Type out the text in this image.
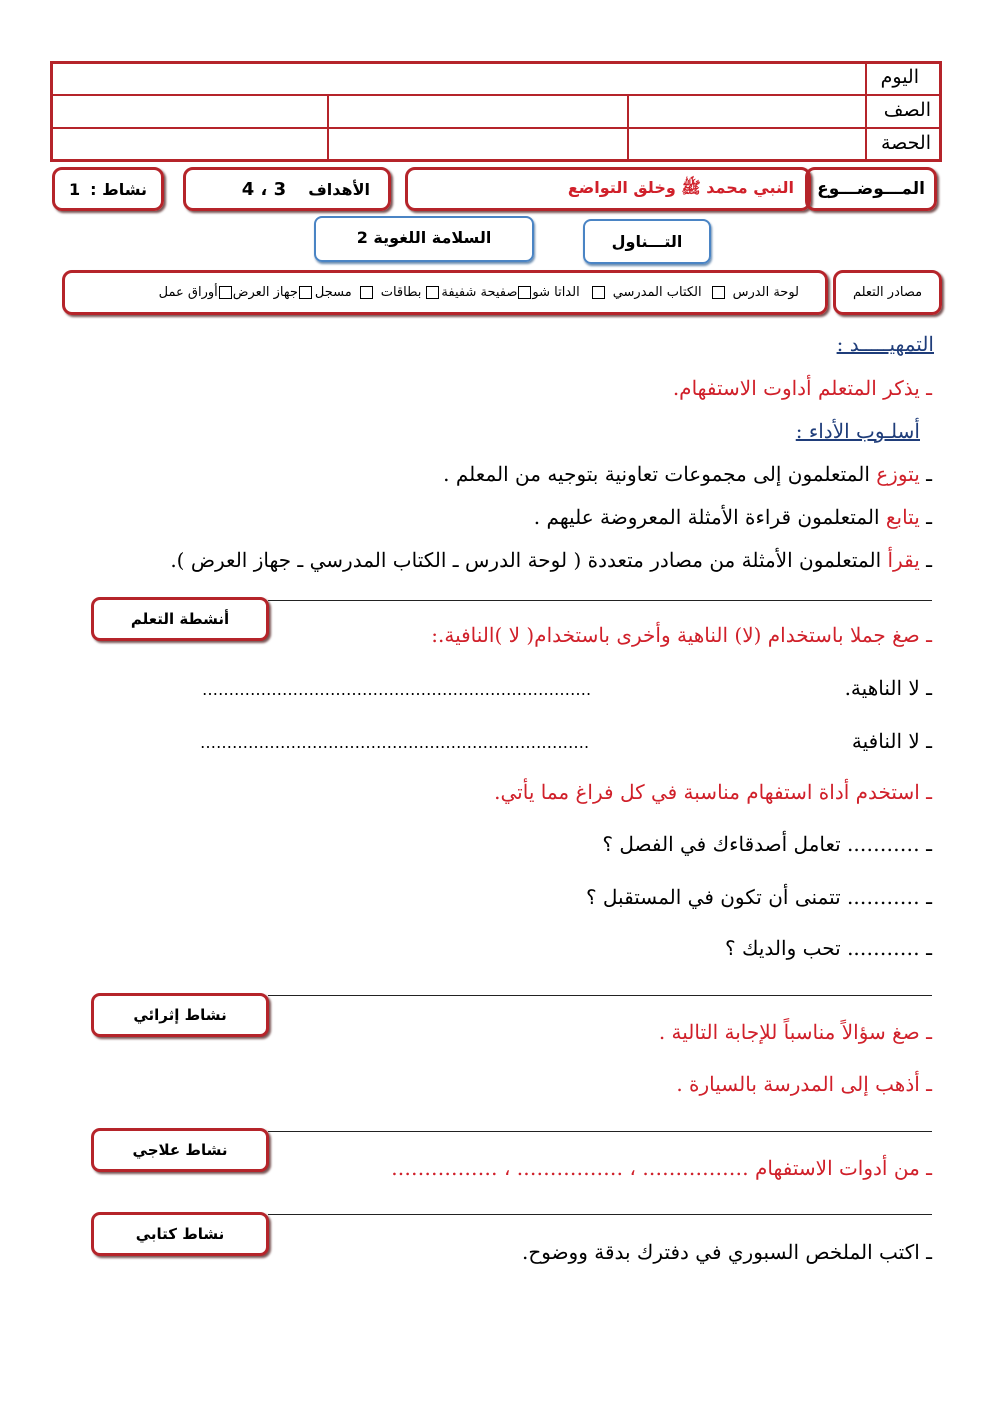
اليوم
الصف
الحصة
نشاط :
1	الأهداف
3 ، 4	النبي محمد ﷺ وخلق التواضع المـــوضـــوع
السلامة اللغوية 2	التـــناول
لوحة الدرس
الكتاب المدرسي
الداتا شو
صفيحة شفيفة
بطاقات
مسجل
جهاز العرض
أوراق عمل	مصادر التعلم
التمهيـــــد :
ـ يذكر المتعلم أداوت الاستفهام.
أسلـوب الأداء :
ـ يتوزع المتعلمون إلى مجموعات تعاونية بتوجيه من المعلم .
ـ يتابع المتعلمون قراءة الأمثلة المعروضة عليهم .
ـ يقرأ المتعلمون الأمثلة من مصادر متعددة ( لوحة الدرس ـ الكتاب المدرسي ـ جهاز العرض ).
أنشطة التعلم
ـ صغ جملا باستخدام (لا) الناهية وأخرى باستخدام( لا )النافية.:
ـ لا الناهية.
……………………………………………………………….
ـ لا النافية
……………………………………………………………….
ـ استخدم أداة استفهام مناسبة في كل فراغ مما يأتي.
ـ ……….. تعامل أصدقاءك في الفصل ؟
ـ ……….. تتمنى أن تكون في المستقبل ؟
ـ ……….. تحب والديك ؟
نشاط إثرائي
ـ صغ سؤالاً مناسباً للإجابة التالية .
ـ أذهب إلى المدرسة بالسيارة .
نشاط علاجي
ـ من أدوات الاستفهام ……………. ، ……………. ، …………….
نشاط كتابي
ـ اكتب الملخص السبوري في دفترك بدقة ووضوح.
